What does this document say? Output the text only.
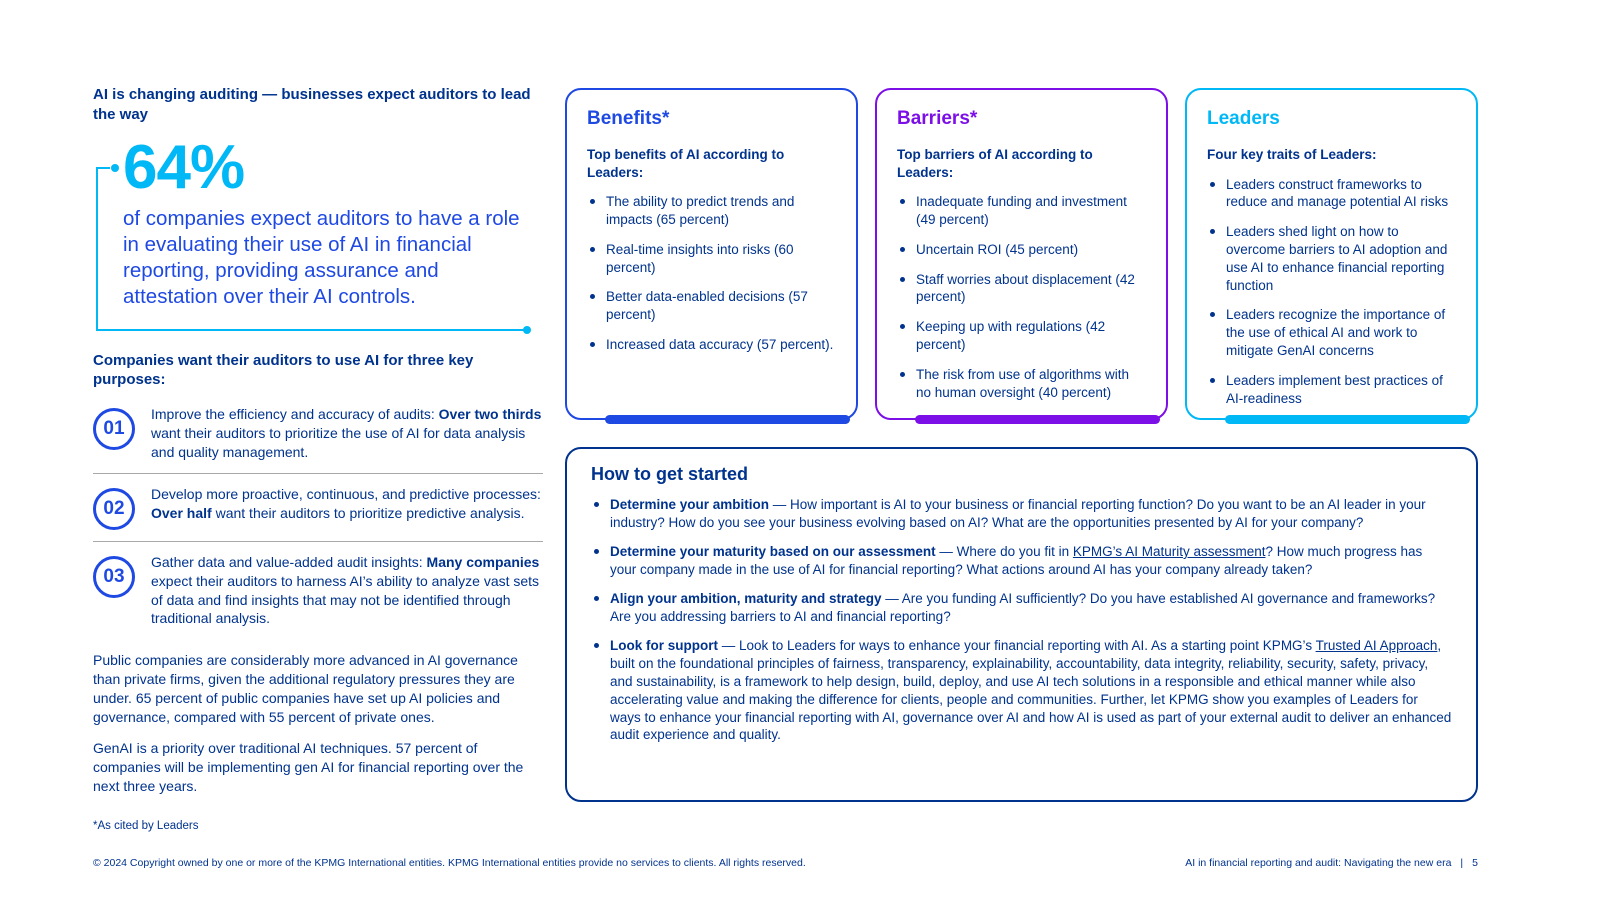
AI is changing auditing — businesses expect auditors to lead the way
64%
of companies expect auditors to have a role in evaluating their use of AI in financial reporting, providing assurance and attestation over their AI controls.
Companies want their auditors to use AI for three key purposes:
01
Improve the efficiency and accuracy of audits: Over two thirds want their auditors to prioritize the use of AI for data analysis and quality management.
02
Develop more proactive, continuous, and predictive processes: Over half want their auditors to prioritize predictive analysis.
03
Gather data and value-added audit insights: Many companies expect their auditors to harness AI’s ability to analyze vast sets of data and find insights that may not be identified through traditional analysis.
Public companies are considerably more advanced in AI governance than private firms, given the additional regulatory pressures they are under. 65 percent of public companies have set up AI policies and governance, compared with 55 percent of private ones.
GenAI is a priority over traditional AI techniques. 57 percent of companies will be implementing gen AI for financial reporting over the next three years.
*As cited by Leaders
Benefits*
Top benefits of AI according to Leaders:
The ability to predict trends and impacts (65 percent)
Real-time insights into risks (60 percent)
Better data-enabled decisions (57 percent)
Increased data accuracy (57 percent).
Barriers*
Top barriers of AI according to Leaders:
Inadequate funding and investment (49 percent)
Uncertain ROI (45 percent)
Staff worries about displacement (42 percent)
Keeping up with regulations (42 percent)
The risk from use of algorithms with no human oversight (40 percent)
Leaders
Four key traits of Leaders:
Leaders construct frameworks to reduce and manage potential AI risks
Leaders shed light on how to overcome barriers to AI adoption and use AI to enhance financial reporting function
Leaders recognize the importance of the use of ethical AI and work to mitigate GenAI concerns
Leaders implement best practices of AI-readiness
How to get started
Determine your ambition — How important is AI to your business or financial reporting function? Do you want to be an AI leader in your industry? How do you see your business evolving based on AI? What are the opportunities presented by AI for your company?
Determine your maturity based on our assessment — Where do you fit in KPMG’s AI Maturity assessment? How much progress has your company made in the use of AI for financial reporting? What actions around AI has your company already taken?
Align your ambition, maturity and strategy — Are you funding AI sufficiently? Do you have established AI governance and frameworks? Are you addressing barriers to AI and financial reporting?
Look for support — Look to Leaders for ways to enhance your financial reporting with AI. As a starting point KPMG’s Trusted AI Approach, built on the foundational principles of fairness, transparency, explainability, accountability, data integrity, reliability, security, safety, privacy, and sustainability, is a framework to help design, build, deploy, and use AI tech solutions in a responsible and ethical manner while also accelerating value and making the difference for clients, people and communities. Further, let KPMG show you examples of Leaders for ways to enhance your financial reporting with AI, governance over AI and how AI is used as part of your external audit to deliver an enhanced audit experience and quality.
© 2024 Copyright owned by one or more of the KPMG International entities. KPMG International entities provide no services to clients. All rights reserved.	AI in financial reporting and audit: Navigating the new era | 5
